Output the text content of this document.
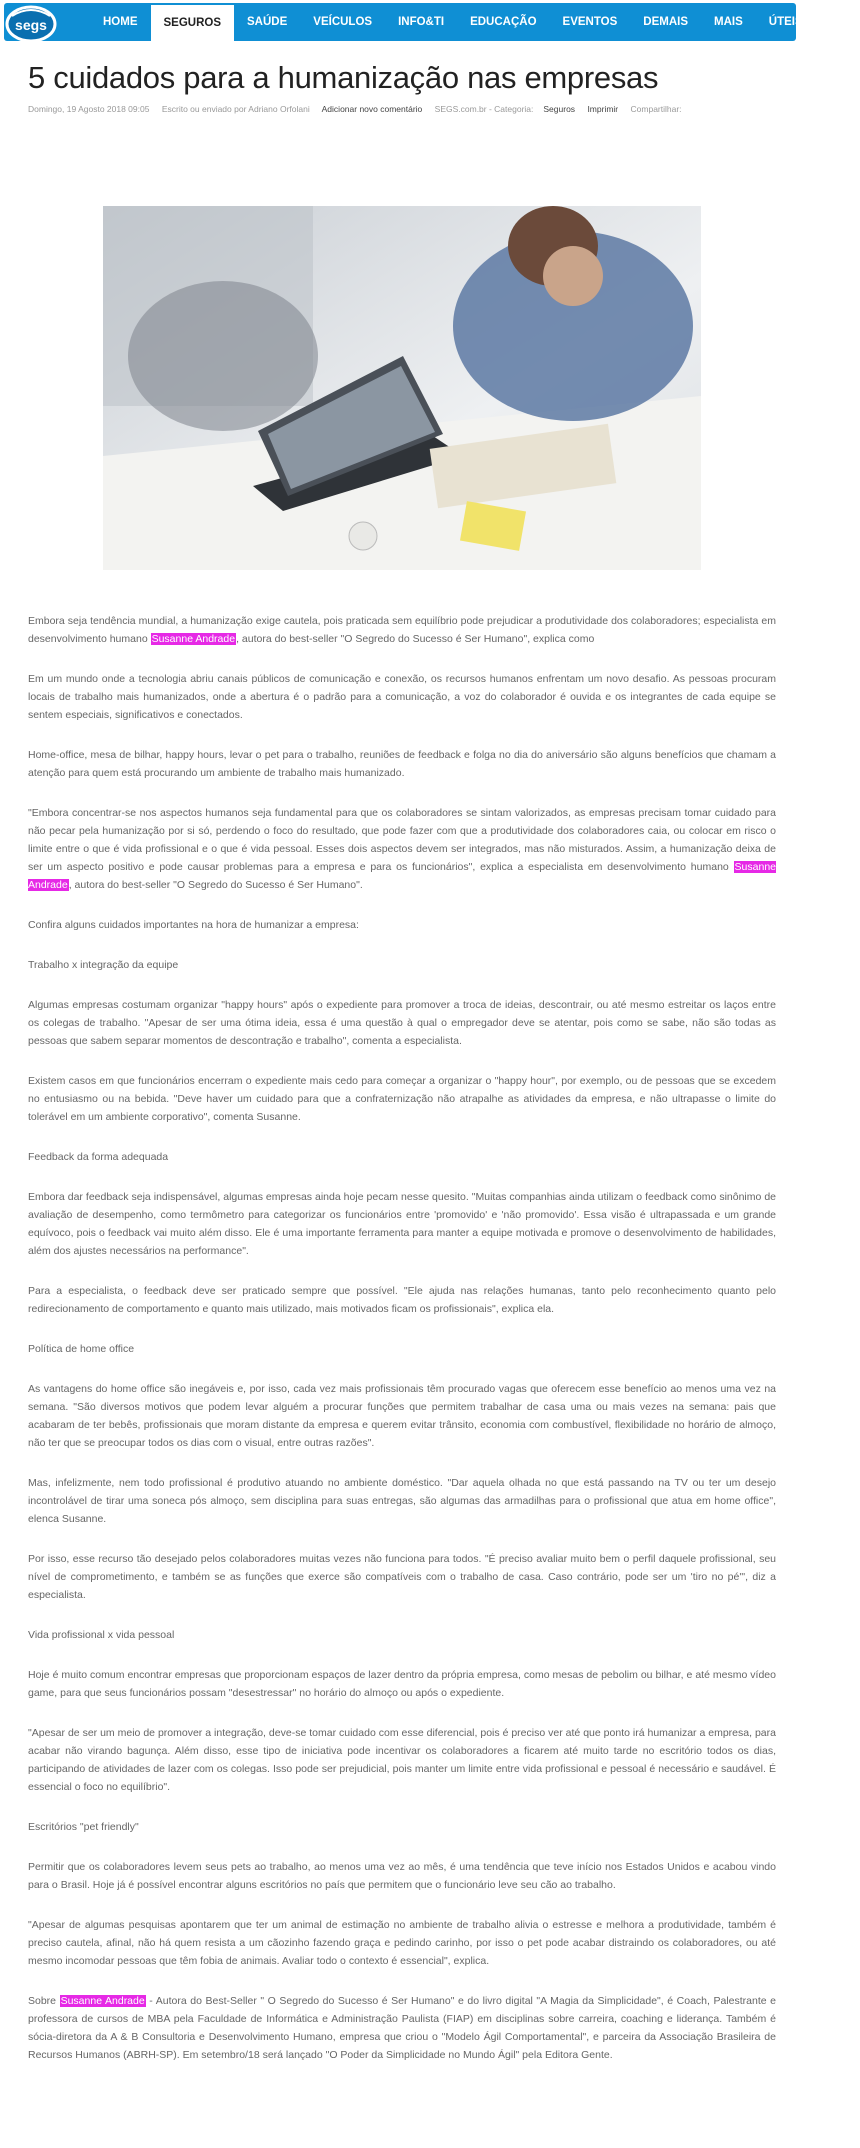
segs	HOME	SEGUROS	SAÚDE	VEÍCULOS	INFO&TI	EDUCAÇÃO	EVENTOS	DEMAIS	MAIS	ÚTEIS	VIP
5 cuidados para a humanização nas empresas
Domingo, 19 Agosto 2018 09:05 Escrito ou enviado por Adriano Orfolani Adicionar novo comentário SEGS.com.br - Categoria: Seguros Imprimir Compartilhar:

Embora seja tendência mundial, a humanização exige cautela, pois praticada sem equilíbrio pode prejudicar a produtividade dos colaboradores; especialista em desenvolvimento humano Susanne Andrade, autora do best-seller "O Segredo do Sucesso é Ser Humano", explica como

Em um mundo onde a tecnologia abriu canais públicos de comunicação e conexão, os recursos humanos enfrentam um novo desafio. As pessoas procuram locais de trabalho mais humanizados, onde a abertura é o padrão para a comunicação, a voz do colaborador é ouvida e os integrantes de cada equipe se sentem especiais, significativos e conectados.

Home-office, mesa de bilhar, happy hours, levar o pet para o trabalho, reuniões de feedback e folga no dia do aniversário são alguns benefícios que chamam a atenção para quem está procurando um ambiente de trabalho mais humanizado.

"Embora concentrar-se nos aspectos humanos seja fundamental para que os colaboradores se sintam valorizados, as empresas precisam tomar cuidado para não pecar pela humanização por si só, perdendo o foco do resultado, que pode fazer com que a produtividade dos colaboradores caia, ou colocar em risco o limite entre o que é vida profissional e o que é vida pessoal. Esses dois aspectos devem ser integrados, mas não misturados. Assim, a humanização deixa de ser um aspecto positivo e pode causar problemas para a empresa e para os funcionários", explica a especialista em desenvolvimento humano Susanne Andrade, autora do best-seller "O Segredo do Sucesso é Ser Humano".

Confira alguns cuidados importantes na hora de humanizar a empresa:

Trabalho x integração da equipe

Algumas empresas costumam organizar "happy hours" após o expediente para promover a troca de ideias, descontrair, ou até mesmo estreitar os laços entre os colegas de trabalho. "Apesar de ser uma ótima ideia, essa é uma questão à qual o empregador deve se atentar, pois como se sabe, não são todas as pessoas que sabem separar momentos de descontração e trabalho", comenta a especialista.

Existem casos em que funcionários encerram o expediente mais cedo para começar a organizar o "happy hour", por exemplo, ou de pessoas que se excedem no entusiasmo ou na bebida. "Deve haver um cuidado para que a confraternização não atrapalhe as atividades da empresa, e não ultrapasse o limite do tolerável em um ambiente corporativo", comenta Susanne.

Feedback da forma adequada

Embora dar feedback seja indispensável, algumas empresas ainda hoje pecam nesse quesito. "Muitas companhias ainda utilizam o feedback como sinônimo de avaliação de desempenho, como termômetro para categorizar os funcionários entre 'promovido' e 'não promovido'. Essa visão é ultrapassada e um grande equívoco, pois o feedback vai muito além disso. Ele é uma importante ferramenta para manter a equipe motivada e promove o desenvolvimento de habilidades, além dos ajustes necessários na performance".

Para a especialista, o feedback deve ser praticado sempre que possível. "Ele ajuda nas relações humanas, tanto pelo reconhecimento quanto pelo redirecionamento de comportamento e quanto mais utilizado, mais motivados ficam os profissionais", explica ela.

Política de home office

As vantagens do home office são inegáveis e, por isso, cada vez mais profissionais têm procurado vagas que oferecem esse benefício ao menos uma vez na semana. "São diversos motivos que podem levar alguém a procurar funções que permitem trabalhar de casa uma ou mais vezes na semana: pais que acabaram de ter bebês, profissionais que moram distante da empresa e querem evitar trânsito, economia com combustível, flexibilidade no horário de almoço, não ter que se preocupar todos os dias com o visual, entre outras razões".

Mas, infelizmente, nem todo profissional é produtivo atuando no ambiente doméstico. "Dar aquela olhada no que está passando na TV ou ter um desejo incontrolável de tirar uma soneca pós almoço, sem disciplina para suas entregas, são algumas das armadilhas para o profissional que atua em home office", elenca Susanne.

Por isso, esse recurso tão desejado pelos colaboradores muitas vezes não funciona para todos. "É preciso avaliar muito bem o perfil daquele profissional, seu nível de comprometimento, e também se as funções que exerce são compatíveis com o trabalho de casa. Caso contrário, pode ser um 'tiro no pé'", diz a especialista.

Vida profissional x vida pessoal

Hoje é muito comum encontrar empresas que proporcionam espaços de lazer dentro da própria empresa, como mesas de pebolim ou bilhar, e até mesmo vídeo game, para que seus funcionários possam "desestressar" no horário do almoço ou após o expediente.

"Apesar de ser um meio de promover a integração, deve-se tomar cuidado com esse diferencial, pois é preciso ver até que ponto irá humanizar a empresa, para acabar não virando bagunça. Além disso, esse tipo de iniciativa pode incentivar os colaboradores a ficarem até muito tarde no escritório todos os dias, participando de atividades de lazer com os colegas. Isso pode ser prejudicial, pois manter um limite entre vida profissional e pessoal é necessário e saudável. É essencial o foco no equilíbrio".

Escritórios "pet friendly"

Permitir que os colaboradores levem seus pets ao trabalho, ao menos uma vez ao mês, é uma tendência que teve início nos Estados Unidos e acabou vindo para o Brasil. Hoje já é possível encontrar alguns escritórios no país que permitem que o funcionário leve seu cão ao trabalho.

"Apesar de algumas pesquisas apontarem que ter um animal de estimação no ambiente de trabalho alivia o estresse e melhora a produtividade, também é preciso cautela, afinal, não há quem resista a um cãozinho fazendo graça e pedindo carinho, por isso o pet pode acabar distraindo os colaboradores, ou até mesmo incomodar pessoas que têm fobia de animais. Avaliar todo o contexto é essencial", explica.

Sobre Susanne Andrade - Autora do Best-Seller " O Segredo do Sucesso é Ser Humano" e do livro digital "A Magia da Simplicidade", é Coach, Palestrante e professora de cursos de MBA pela Faculdade de Informática e Administração Paulista (FIAP) em disciplinas sobre carreira, coaching e liderança. Também é sócia-diretora da A & B Consultoria e Desenvolvimento Humano, empresa que criou o "Modelo Ágil Comportamental", e parceira da Associação Brasileira de Recursos Humanos (ABRH-SP). Em setembro/18 será lançado "O Poder da Simplicidade no Mundo Ágil" pela Editora Gente.
